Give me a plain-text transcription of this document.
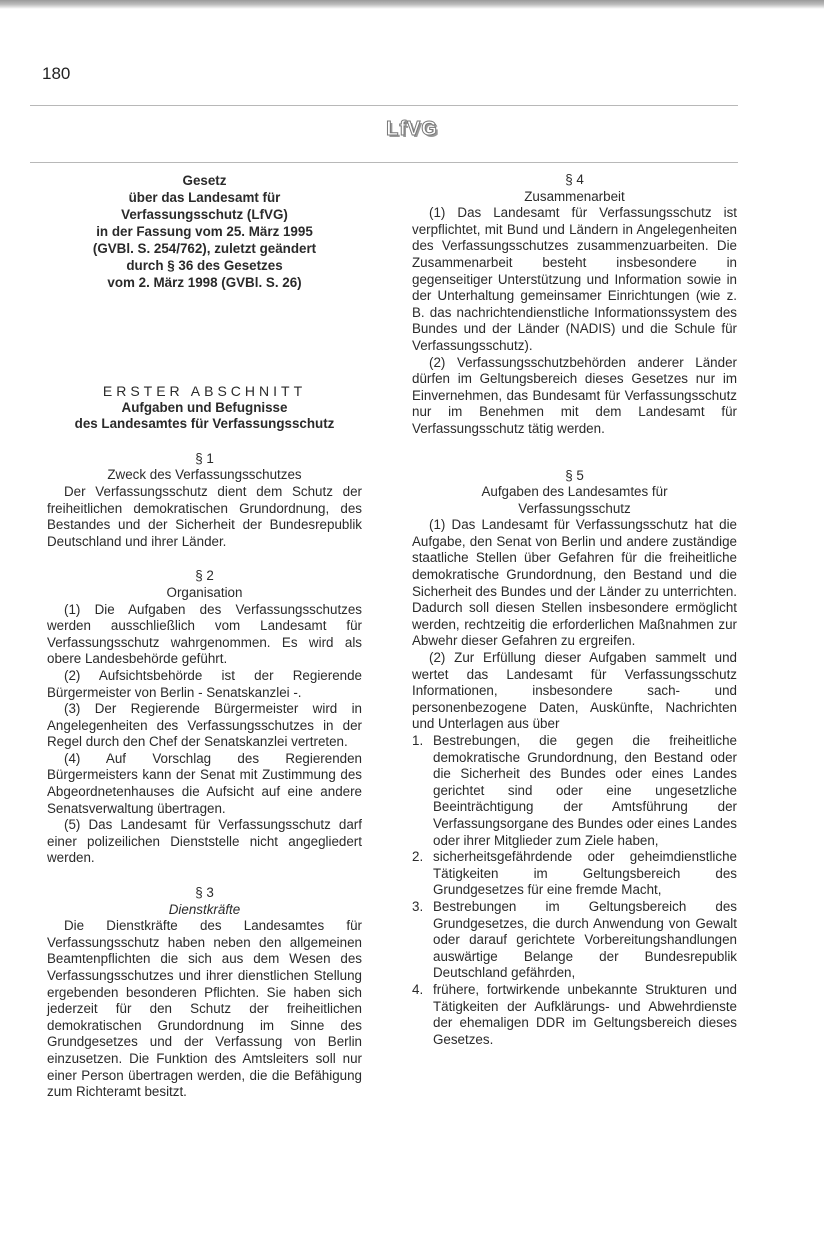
180
LfVG
Gesetz
über das Landesamt für
Verfassungsschutz (LfVG)
in der Fassung vom 25. März 1995
(GVBl. S. 254/762), zuletzt geändert
durch § 36 des Gesetzes
vom 2. März 1998 (GVBl. S. 26)
ERSTER ABSCHNITT
Aufgaben und Befugnisse
des Landesamtes für Verfassungsschutz
§ 1
Zweck des Verfassungsschutzes

Der Verfassungsschutz dient dem Schutz der freiheitlichen demokratischen Grundordnung, des Bestandes und der Sicherheit der Bundesrepublik Deutschland und ihrer Länder.

§ 2
Organisation

(1) Die Aufgaben des Verfassungsschutzes werden ausschließlich vom Landesamt für Verfassungsschutz wahrgenommen. Es wird als obere Landesbehörde geführt.

(2) Aufsichtsbehörde ist der Regierende Bürgermeister von Berlin - Senatskanzlei -.

(3) Der Regierende Bürgermeister wird in Angelegenheiten des Verfassungsschutzes in der Regel durch den Chef der Senatskanzlei vertreten.

(4) Auf Vorschlag des Regierenden Bürgermeisters kann der Senat mit Zustimmung des Abgeordnetenhauses die Aufsicht auf eine andere Senatsverwaltung übertragen.

(5) Das Landesamt für Verfassungsschutz darf einer polizeilichen Dienststelle nicht angegliedert werden.

§ 3
Dienstkräfte

Die Dienstkräfte des Landesamtes für Verfassungsschutz haben neben den allgemeinen Beamtenpflichten die sich aus dem Wesen des Verfassungsschutzes und ihrer dienstlichen Stellung ergebenden besonderen Pflichten. Sie haben sich jederzeit für den Schutz der freiheitlichen demokratischen Grundordnung im Sinne des Grundgesetzes und der Verfassung von Berlin einzusetzen. Die Funktion des Amtsleiters soll nur einer Person übertragen werden, die die Befähigung zum Richteramt besitzt.

§ 4
Zusammenarbeit

(1) Das Landesamt für Verfassungsschutz ist verpflichtet, mit Bund und Ländern in Angelegenheiten des Verfassungsschutzes zusammenzuarbeiten. Die Zusammenarbeit besteht insbesondere in gegenseitiger Unterstützung und Information sowie in der Unterhaltung gemeinsamer Einrichtungen (wie z. B. das nachrichtendienstliche Informationssystem des Bundes und der Länder (NADIS) und die Schule für Verfassungsschutz).

(2) Verfassungsschutzbehörden anderer Länder dürfen im Geltungsbereich dieses Gesetzes nur im Einvernehmen, das Bundesamt für Verfassungsschutz nur im Benehmen mit dem Landesamt für Verfassungsschutz tätig werden.

§ 5
Aufgaben des Landesamtes für
Verfassungsschutz

(1) Das Landesamt für Verfassungsschutz hat die Aufgabe, den Senat von Berlin und andere zuständige staatliche Stellen über Gefahren für die freiheitliche demokratische Grundordnung, den Bestand und die Sicherheit des Bundes und der Länder zu unterrichten. Dadurch soll diesen Stellen insbesondere ermöglicht werden, rechtzeitig die erforderlichen Maßnahmen zur Abwehr dieser Gefahren zu ergreifen.

(2) Zur Erfüllung dieser Aufgaben sammelt und wertet das Landesamt für Verfassungsschutz Informationen, insbesondere sach- und personenbezogene Daten, Auskünfte, Nachrichten und Unterlagen aus über

1. Bestrebungen, die gegen die freiheitliche demokratische Grundordnung, den Bestand oder die Sicherheit des Bundes oder eines Landes gerichtet sind oder eine ungesetzliche Beeinträchtigung der Amtsführung der Verfassungsorgane des Bundes oder eines Landes oder ihrer Mitglieder zum Ziele haben,
2. sicherheitsgefährdende oder geheimdienstliche Tätigkeiten im Geltungsbereich des Grundgesetzes für eine fremde Macht,
3. Bestrebungen im Geltungsbereich des Grundgesetzes, die durch Anwendung von Gewalt oder darauf gerichtete Vorbereitungshandlungen auswärtige Belange der Bundesrepublik Deutschland gefährden,
4. frühere, fortwirkende unbekannte Strukturen und Tätigkeiten der Aufklärungs- und Abwehrdienste der ehemaligen DDR im Geltungsbereich dieses Gesetzes.
